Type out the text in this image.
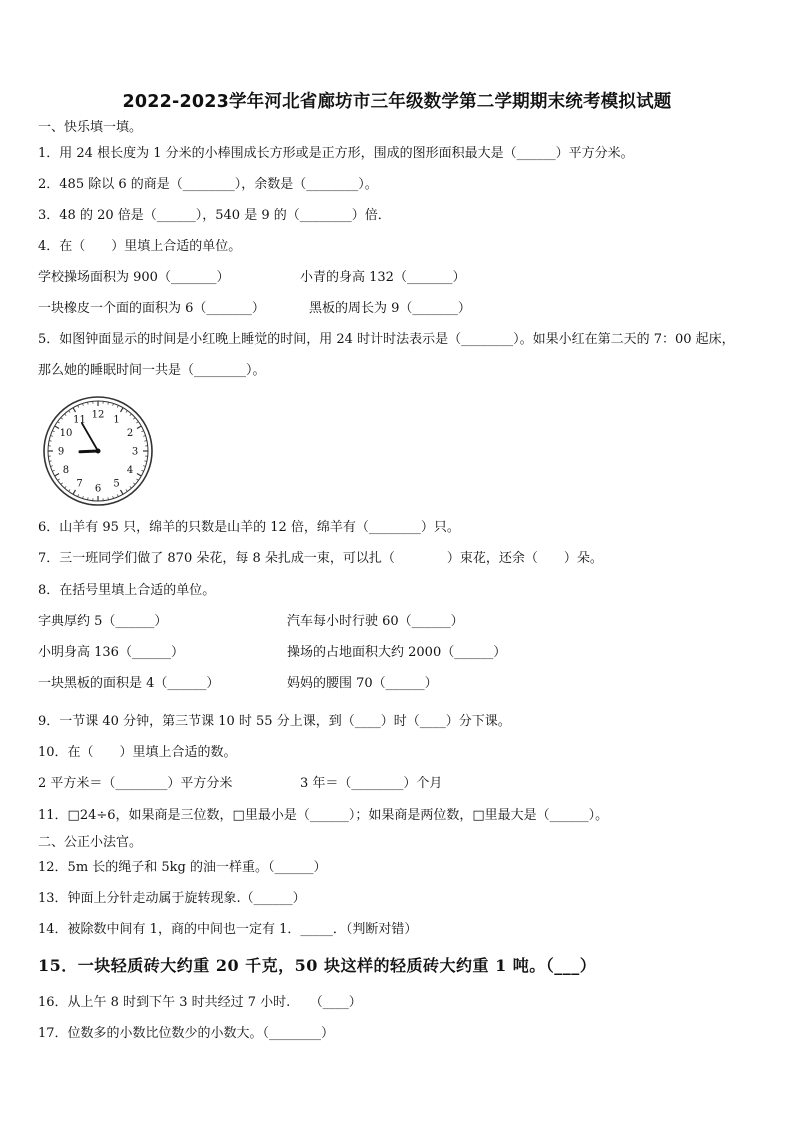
2022-2023学年河北省廊坊市三年级数学第二学期期末统考模拟试题
一、快乐填一填。
1．用 24 根长度为 1 分米的小棒围成长方形或是正方形，围成的图形面积最大是（______）平方分米。
2．485 除以 6 的商是（________），余数是（________）。
3．48 的 20 倍是（______），540 是 9 的（________）倍．
4．在（　　）里填上合适的单位。
学校操场面积为 900（_______）	小青的身高 132（_______）
一块橡皮一个面的面积为 6（_______）	黑板的周长为 9（_______）
5．如图钟面显示的时间是小红晚上睡觉的时间，用 24 时计时法表示是（________）。如果小红在第二天的 7：00 起床，
那么她的睡眠时间一共是（________）。
12 1
2
3
4
5
6
7
8
9
10
11
6．山羊有 95 只，绵羊的只数是山羊的 12 倍，绵羊有（________）只。
7．三一班同学们做了 870 朵花，每 8 朵扎成一束，可以扎（　　　　）束花，还余（　　）朵。
8．在括号里填上合适的单位。
字典厚约 5（______）	汽车每小时行驶 60（______）
小明身高 136（______）	操场的占地面积大约 2000（______）
一块黑板的面积是 4（______）	妈妈的腰围 70（______）
9．一节课 40 分钟，第三节课 10 时 55 分上课，到（____）时（____）分下课。
10．在（　　）里填上合适的数。
2 平方米＝（________）平方分米	3 年＝（________）个月
11．□24÷6，如果商是三位数，□里最小是（______）；如果商是两位数，□里最大是（______）。
二、公正小法官。
12．5m 长的绳子和 5kg 的油一样重。（______）
13．钟面上分针走动属于旋转现象.（______）
14．被除数中间有 1，商的中间也一定有 1．_____．（判断对错）
15．一块轻质砖大约重 20 千克，50 块这样的轻质砖大约重 1 吨。（___）
16．从上午 8 时到下午 3 时共经过 7 小时.　　（____）
17．位数多的小数比位数少的小数大。（________）
